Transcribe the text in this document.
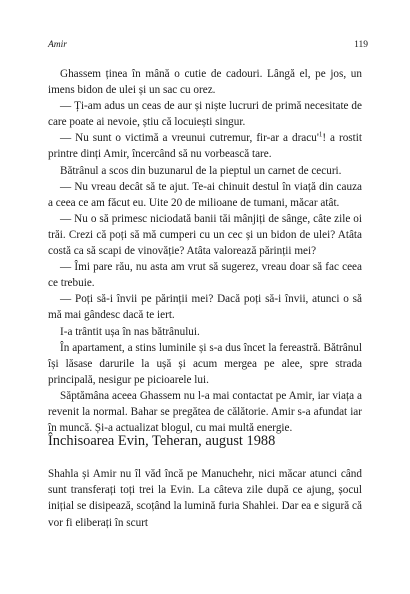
Amir	119

Ghassem ținea în mână o cutie de cadouri. Lângă el, pe jos, un imens bidon de ulei și un sac cu orez.

— Ți-am adus un ceas de aur și niște lucruri de primă necesitate de care poate ai nevoie, știu că locuiești singur.

— Nu sunt o victimă a vreunui cutremur, fir-ar a $dracu'^1$! a rostit printre dinți Amir, încercând să nu vorbească tare.

Bătrânul a scos din buzunarul de la pieptul un carnet de cecuri.

— Nu vreau decât să te ajut. Te-ai chinuit destul în viață din cauza a ceea ce am făcut eu. Uite 20 de milioane de tumani, măcar atât.

— Nu o să primesc niciodată banii tăi mânjiți de sânge, câte zile oi trăi. Crezi că poți să mă cumperi cu un cec și un bidon de ulei? Atâta costă ca să scapi de vinovăție? Atâta valorează părinții mei?

— Îmi pare rău, nu asta am vrut să sugerez, vreau doar să fac ceea ce trebuie.

— Poți să-i învii pe părinții mei? Dacă poți să-i învii, atunci o să mă mai gândesc dacă te iert.

I-a trântit ușa în nas bătrânului.

În apartament, a stins luminile și s-a dus încet la fereastră. Bătrânul își lăsase darurile la ușă și acum mergea pe alee, spre strada principală, nesigur pe picioarele lui.

Săptămâna aceea Ghassem nu l-a mai contactat pe Amir, iar viața a revenit la normal. Bahar se pregătea de călătorie. Amir s-a afundat iar în muncă. Și-a actualizat blogul, cu mai multă energie.

Închisoarea Evin, Teheran, august 1988

Shahla și Amir nu îl văd încă pe Manuchehr, nici măcar atunci când sunt transferați toți trei la Evin. La câteva zile după ce ajung, șocul inițial se disipează, scoțând la lumină furia Shahlei. Dar ea e sigură că vor fi eliberați în scurt
